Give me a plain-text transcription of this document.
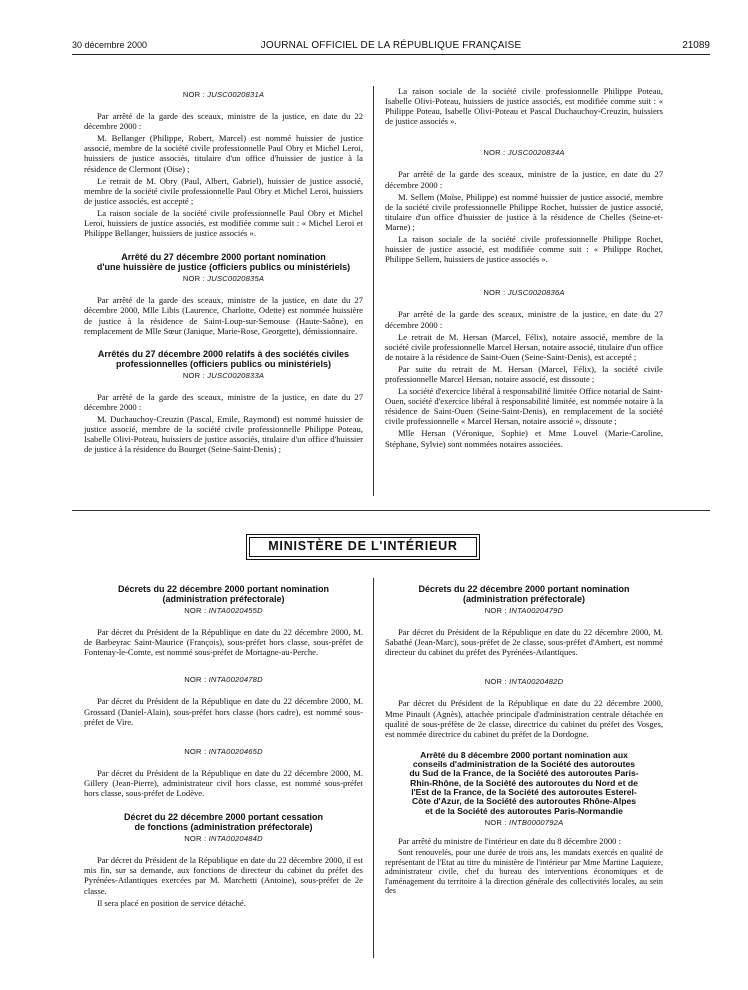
30 décembre 2000	JOURNAL OFFICIEL DE LA RÉPUBLIQUE FRANÇAISE	21089
NOR : JUSC0020831A

Par arrêté de la garde des sceaux, ministre de la justice, en date du 22 décembre 2000 :

M. Bellanger (Philippe, Robert, Marcel) est nommé huissier de justice associé, membre de la société civile professionnelle Paul Obry et Michel Leroi, huissiers de justice associés, titulaire d'un office d'huissier de justice à la résidence de Clermont (Oise) ;

Le retrait de M. Obry (Paul, Albert, Gabriel), huissier de justice associé, membre de la société civile professionnelle Paul Obry et Michel Leroi, huissiers de justice associés, est accepté ;

La raison sociale de la société civile professionnelle Paul Obry et Michel Leroi, huissiers de justice associés, est modifiée comme suit : « Michel Leroi et Philippe Bellanger, huissiers de justice associés ».

Arrêté du 27 décembre 2000 portant nomination
d'une huissière de justice (officiers publics ou ministériels)
NOR : JUSC0020835A

Par arrêté de la garde des sceaux, ministre de la justice, en date du 27 décembre 2000, Mlle Libis (Laurence, Charlotte, Odette) est nommée huissière de justice à la résidence de Saint-Loup-sur-Semouse (Haute-Saône), en remplacement de Mlle Sœur (Janique, Marie-Rose, Georgette), démissionnaire.

Arrêtés du 27 décembre 2000 relatifs à des sociétés civiles
professionnelles (officiers publics ou ministériels)
NOR : JUSC0020833A

Par arrêté de la garde des sceaux, ministre de la justice, en date du 27 décembre 2000 :

M. Duchauchoy-Creuzin (Pascal, Emile, Raymond) est nommé huissier de justice associé, membre de la société civile professionnelle Philippe Poteau, Isabelle Olivi-Poteau, huissiers de justice associés, titulaire d'un office d'huissier de justice à la résidence du Bourget (Seine-Saint-Denis) ;

La raison sociale de la société civile professionnelle Philippe Poteau, Isabelle Olivi-Poteau, huissiers de justice associés, est modifiée comme suit : « Philippe Poteau, Isabelle Olivi-Poteau et Pascal Duchauchoy-Creuzin, huissiers de justice associés ».

NOR : JUSC0020834A

Par arrêté de la garde des sceaux, ministre de la justice, en date du 27 décembre 2000 :

M. Sellem (Moïse, Philippe) est nommé huissier de justice associé, membre de la société civile professionnelle Philippe Rochet, huissier de justice associé, titulaire d'un office d'huissier de justice à la résidence de Chelles (Seine-et-Marne) ;

La raison sociale de la société civile professionnelle Philippe Rochet, huissier de justice associé, est modifiée comme suit : « Philippe Rochet, Philippe Sellem, huissiers de justice associés ».

NOR : JUSC0020836A

Par arrêté de la garde des sceaux, ministre de la justice, en date du 27 décembre 2000 :

Le retrait de M. Hersan (Marcel, Félix), notaire associé, membre de la société civile professionnelle Marcel Hersan, notaire associé, titulaire d'un office de notaire à la résidence de Saint-Ouen (Seine-Saint-Denis), est accepté ;

Par suite du retrait de M. Hersan (Marcel, Félix), la société civile professionnelle Marcel Hersan, notaire associé, est dissoute ;

La société d'exercice libéral à responsabilité limitée Office notarial de Saint-Ouen, société d'exercice libéral à responsabilité limitée, est nommée notaire à la résidence de Saint-Ouen (Seine-Saint-Denis), en remplacement de la société civile professionnelle « Marcel Hersan, notaire associé », dissoute ;

Mlle Hersan (Véronique, Sophie) et Mme Louvel (Marie-Caroline, Stéphane, Sylvie) sont nommées notaires associées.

MINISTÈRE DE L'INTÉRIEUR
Décrets du 22 décembre 2000 portant nomination
(administration préfectorale)
NOR : INTA0020455D

Par décret du Président de la République en date du 22 décembre 2000, M. de Barbeyrac Saint-Maurice (François), sous-préfet hors classe, sous-préfet de Fontenay-le-Comte, est nommé sous-préfet de Mortagne-au-Perche.

NOR : INTA0020478D

Par décret du Président de la République en date du 22 décembre 2000, M. Grossard (Daniel-Alain), sous-préfet hors classe (hors cadre), est nommé sous-préfet de Vire.

NOR : INTA0020465D

Par décret du Président de la République en date du 22 décembre 2000, M. Gillery (Jean-Pierre), administrateur civil hors classe, est nommé sous-préfet hors classe, sous-préfet de Lodève.

Décret du 22 décembre 2000 portant cessation
de fonctions (administration préfectorale)
NOR : INTA0020484D

Par décret du Président de la République en date du 22 décembre 2000, il est mis fin, sur sa demande, aux fonctions de directeur du cabinet du préfet des Pyrénées-Atlantiques exercées par M. Marchetti (Antoine), sous-préfet de 2e classe.

Il sera placé en position de service détaché.

Décrets du 22 décembre 2000 portant nomination
(administration préfectorale)
NOR : INTA0020479D

Par décret du Président de la République en date du 22 décembre 2000, M. Sabathé (Jean-Marc), sous-préfet de 2e classe, sous-préfet d'Ambert, est nommé directeur du cabinet du préfet des Pyrénées-Atlantiques.

NOR : INTA0020482D

Par décret du Président de la République en date du 22 décembre 2000, Mme Pinault (Agnès), attachée principale d'administration centrale détachée en qualité de sous-préfète de 2e classe, directrice du cabinet du préfet des Vosges, est nommée directrice du cabinet du préfet de la Dordogne.

Arrêté du 8 décembre 2000 portant nomination aux
conseils d'administration de la Société des autoroutes
du Sud de la France, de la Société des autoroutes Paris-
Rhin-Rhône, de la Société des autoroutes du Nord et de
l'Est de la France, de la Société des autoroutes Esterel-
Côte d'Azur, de la Société des autoroutes Rhône-Alpes
et de la Société des autoroutes Paris-Normandie
NOR : INTB0000792A

Par arrêté du ministre de l'intérieur en date du 8 décembre 2000 :

Sont renouvelés, pour une durée de trois ans, les mandats exercés en qualité de représentant de l'Etat au titre du ministère de l'intérieur par Mme Martine Laquieze, administrateur civile, chef du bureau des interventions économiques et de l'aménagement du territoire à la direction générale des collectivités locales, au sein des
